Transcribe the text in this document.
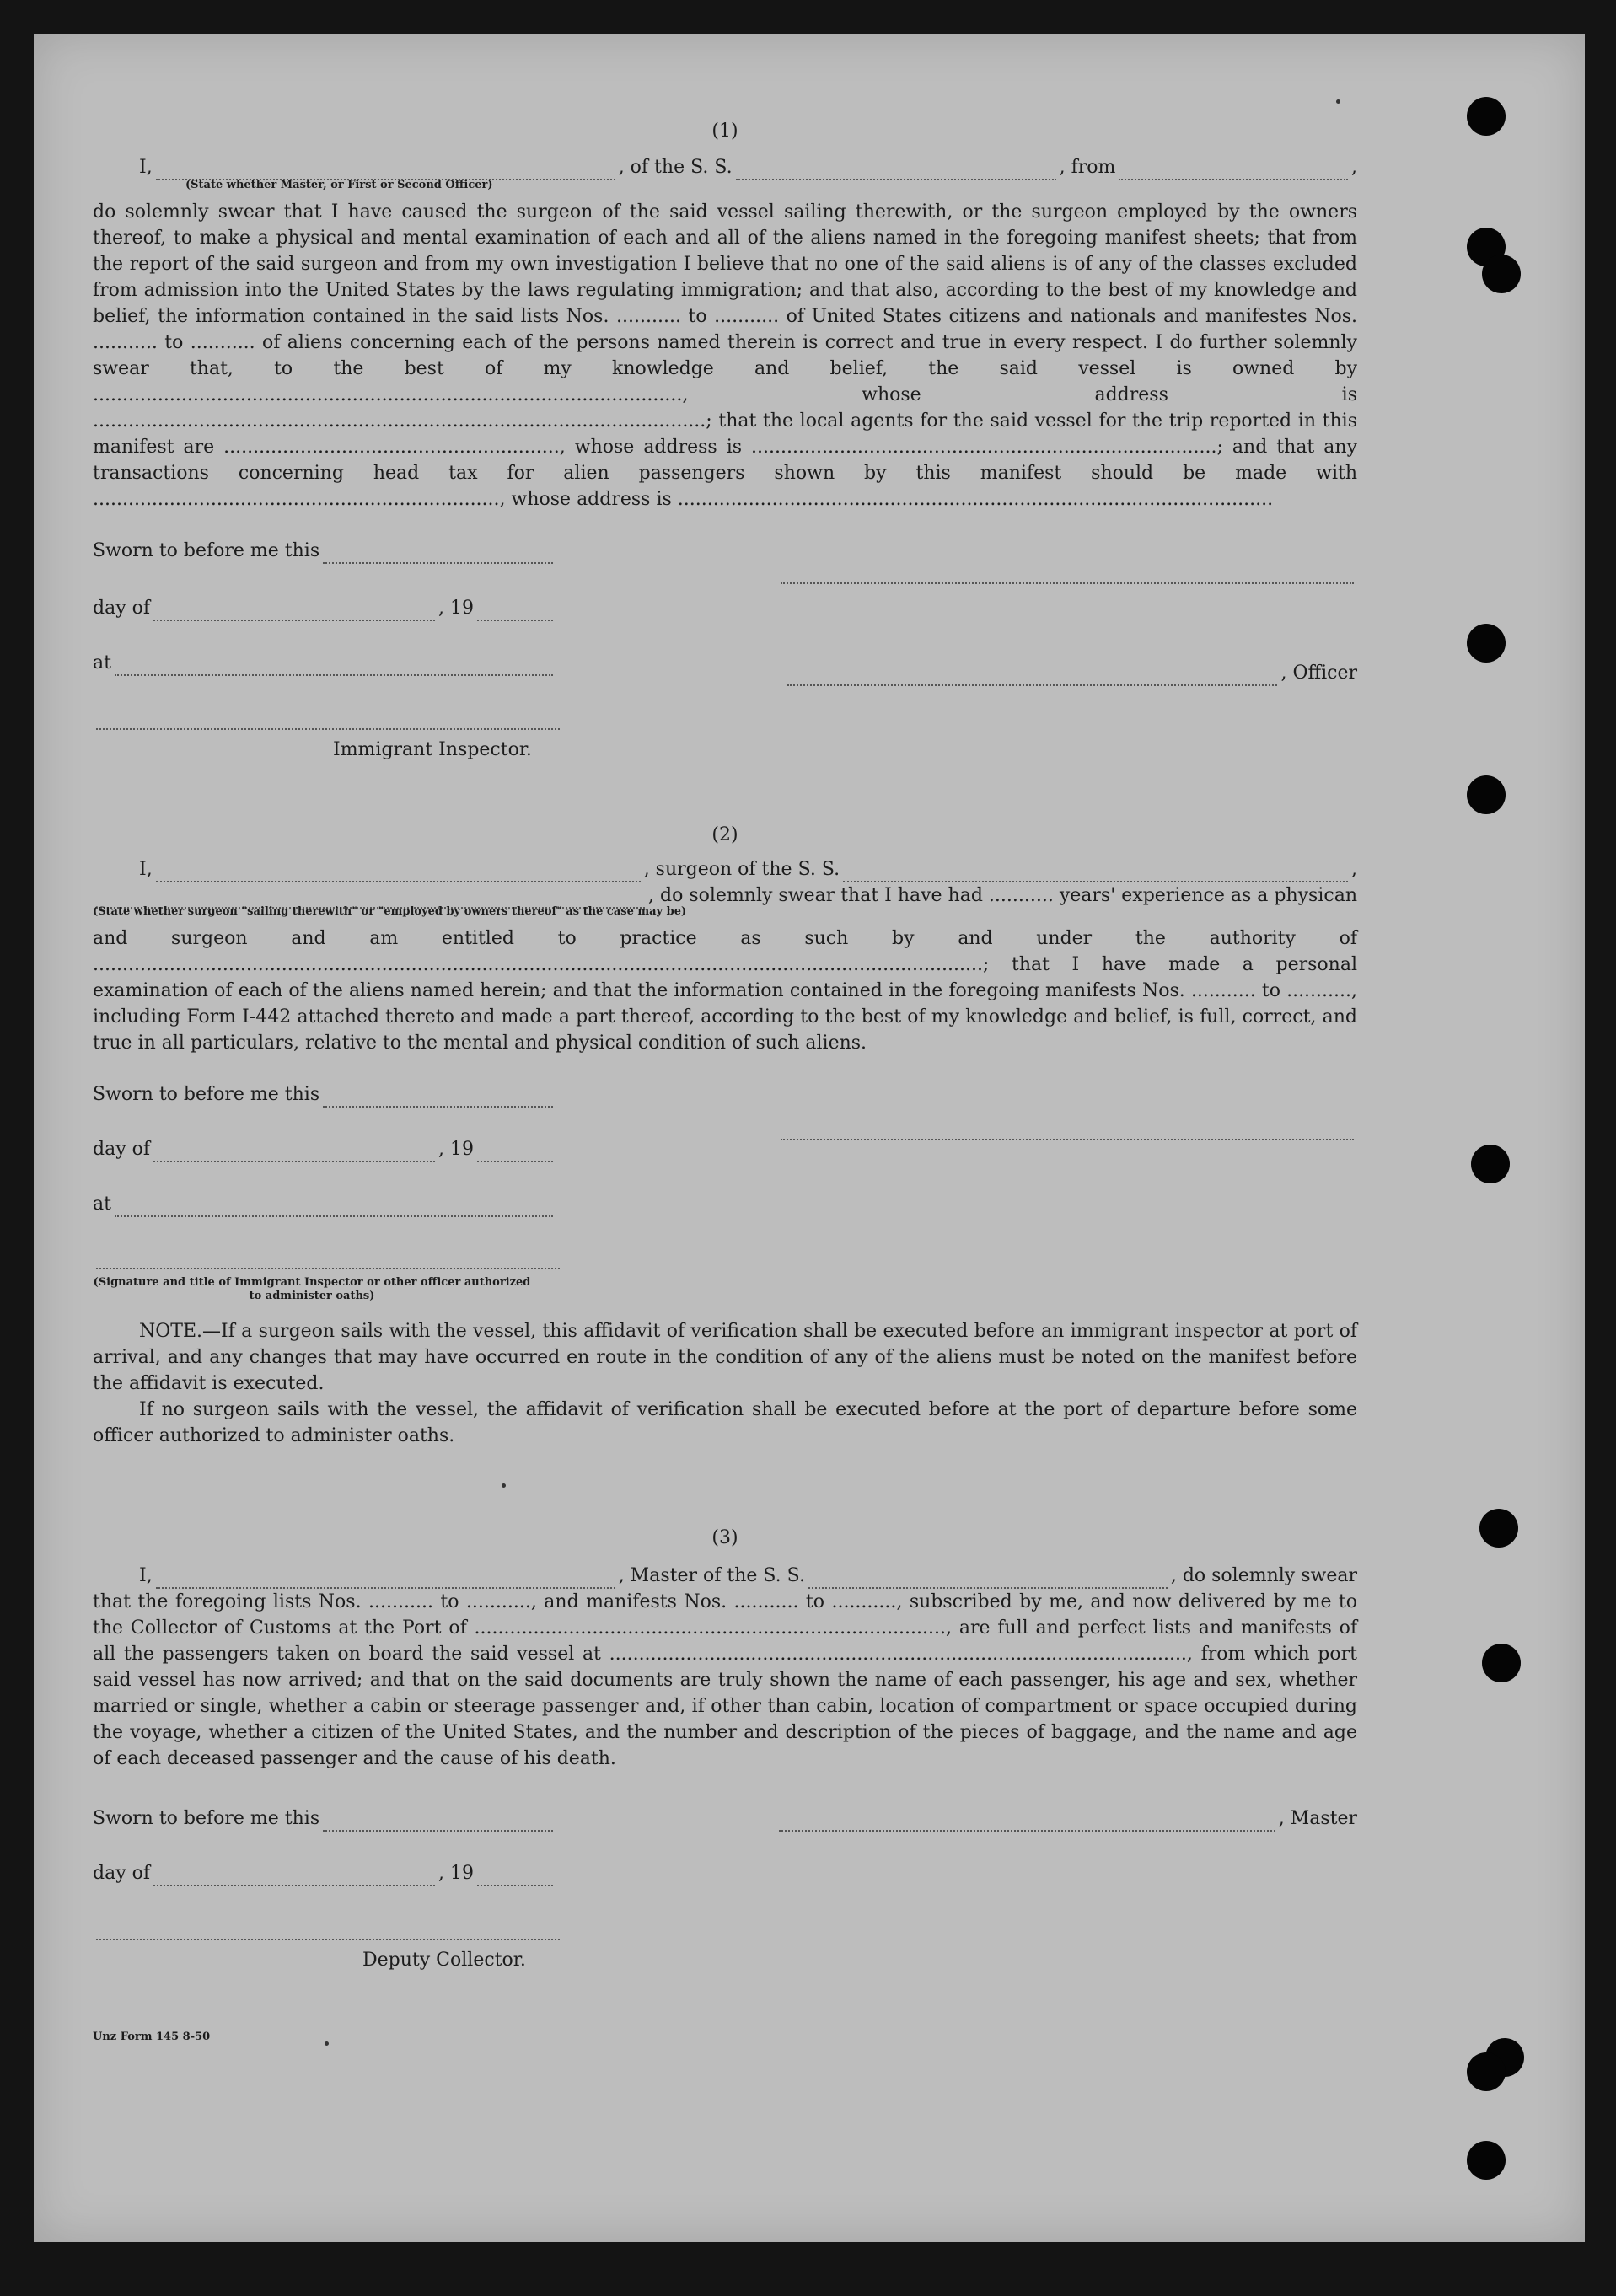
(1)

I,	, of the S. S.	, from	,
(State whether Master, or First or Second Officer)

do solemnly swear that I have caused the surgeon of the said vessel sailing therewith, or the surgeon employed by the owners thereof, to make a physical and mental examination of each and all of the aliens named in the foregoing manifest sheets; that from the report of the said surgeon and from my own investigation I believe that no one of the said aliens is of any of the classes excluded from admission into the United States by the laws regulating immigration; and that also, according to the best of my knowledge and belief, the information contained in the said lists Nos. ........... to ........... of United States citizens and nationals and manifestes Nos. ........... to ........... of aliens concerning each of the persons named therein is correct and true in every respect. I do further solemnly swear that, to the best of my knowledge and belief, the said vessel is owned by ...................................................................................................., whose address is ........................................................................................................; that the local agents for the said vessel for the trip reported in this manifest are ........................................................., whose address is ...............................................................................; and that any transactions concerning head tax for alien passengers shown by this manifest should be made with ....................................................................., whose address is .....................................................................................................

Sworn to before me this
day of	, 19
at	, Officer
Immigrant Inspector.

(2)

I,	, surgeon of the S. S.	,
, do solemnly swear that I have had ........... years' experience as a physican
(State whether surgeon "sailing therewith" or "employed by owners thereof" as the case may be)

and surgeon and am entitled to practice as such by and under the authority of .......................................................................................................................................................; that I have made a personal examination of each of the aliens named herein; and that the information contained in the foregoing manifests Nos. ........... to ..........., including Form I-442 attached thereto and made a part thereof, according to the best of my knowledge and belief, is full, correct, and true in all particulars, relative to the mental and physical condition of such aliens.

Sworn to before me this
day of	, 19
at
(Signature and title of Immigrant Inspector or other officer authorized to administer oaths)

NOTE.—If a surgeon sails with the vessel, this affidavit of verification shall be executed before an immigrant inspector at port of arrival, and any changes that may have occurred en route in the condition of any of the aliens must be noted on the manifest before the affidavit is executed.

If no surgeon sails with the vessel, the affidavit of verification shall be executed before at the port of departure before some officer authorized to administer oaths.

(3)

I,	, Master of the S. S.	, do solemnly swear

that the foregoing lists Nos. ........... to ..........., and manifests Nos. ........... to ..........., subscribed by me, and now delivered by me to the Collector of Customs at the Port of ................................................................................, are full and perfect lists and manifests of all the passengers taken on board the said vessel at .................................................................................................., from which port said vessel has now arrived; and that on the said documents are truly shown the name of each passenger, his age and sex, whether married or single, whether a cabin or steerage passenger and, if other than cabin, location of compartment or space occupied during the voyage, whether a citizen of the United States, and the number and description of the pieces of baggage, and the name and age of each deceased passenger and the cause of his death.

Sworn to before me this	, Master
day of	, 19
Deputy Collector.
Unz Form 145 8-50
